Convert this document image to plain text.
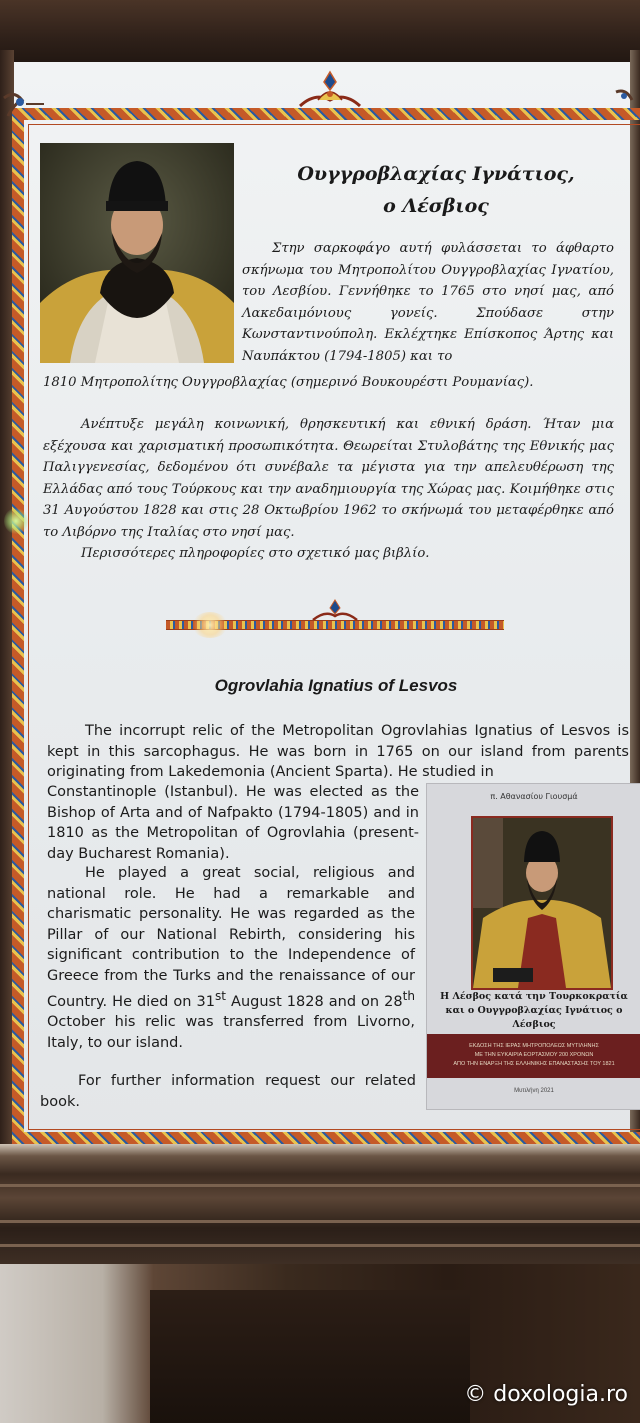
Ουγγροβλαχίας Ιγνάτιος,
ο Λέσβιος
Στην σαρκοφάγο αυτή φυλάσσεται το άφθαρτο σκήνωμα του Μητροπολίτου Ουγγροβλαχίας Ιγνατίου, του Λεσβίου. Γεννήθηκε το 1765 στο νησί μας, από Λακεδαιμόνιους γονείς. Σπούδασε στην Κωνσταντινούπολη. Εκλέχτηκε Επίσκοπος Άρτης και Ναυπάκτου (1794-1805) και το
1810 Μητροπολίτης Ουγγροβλαχίας (σημερινό Βουκουρέστι Ρουμανίας).
Ανέπτυξε μεγάλη κοινωνική, θρησκευτική και εθνική δράση. Ήταν μια εξέχουσα και χαρισματική προσωπικότητα. Θεωρείται Στυλοβάτης της Εθνικής μας Παλιγγενεσίας, δεδομένου ότι συνέβαλε τα μέγιστα για την απελευθέρωση της Ελλάδας από τους Τούρκους και την αναδημιουργία της Χώρας μας. Κοιμήθηκε στις 31 Αυγούστου 1828 και στις 28 Οκτωβρίου 1962 το σκήνωμά του μεταφέρθηκε από το Λιβόρνο της Ιταλίας στο νησί μας.
Περισσότερες πληροφορίες στο σχετικό μας βιβλίο.
Ogrovlahia Ignatius of Lesvos
The incorrupt relic of the Metropolitan Ogrovlahias Ignatius of Lesvos is kept in this sarcophagus. He was born in 1765 on our island from parents originating from Lakedemonia (Ancient Sparta). He studied in
Constantinople (Istanbul). He was elected as the Bishop of Arta and of Nafpakto (1794-1805) and in 1810 as the Metropolitan of Ogrovlahia (present-day Bucharest Romania).
He played a great social, religious and national role. He had a remarkable and charismatic personality. He was regarded as the Pillar of our National Rebirth, considering his significant contribution to the Independence of Greece from the Turks and the renaissance of our Country. He died on 31st August 1828 and on 28th October his relic was transferred from Livorno, Italy, to our island.
For further information request our related book.
π. Αθανασίου Γιουσμά
Η Λέσβος κατά την Τουρκοκρατία
και ο Ουγγροβλαχίας Ιγνάτιος ο Λέσβιος
ΕΚΔΟΣΗ ΤΗΣ ΙΕΡΑΣ ΜΗΤΡΟΠΟΛΕΩΣ ΜΥΤΙΛΗΝΗΣ
ΜΕ ΤΗΝ ΕΥΚΑΙΡΙΑ ΕΟΡΤΑΣΜΟΥ 200 ΧΡΟΝΩΝ
ΑΠΟ ΤΗΝ ΕΝΑΡΞΗ ΤΗΣ ΕΛΛΗΝΙΚΗΣ ΕΠΑΝΑΣΤΑΣΗΣ ΤΟΥ 1821
Μυτιλήνη 2021
© doxologia.ro
